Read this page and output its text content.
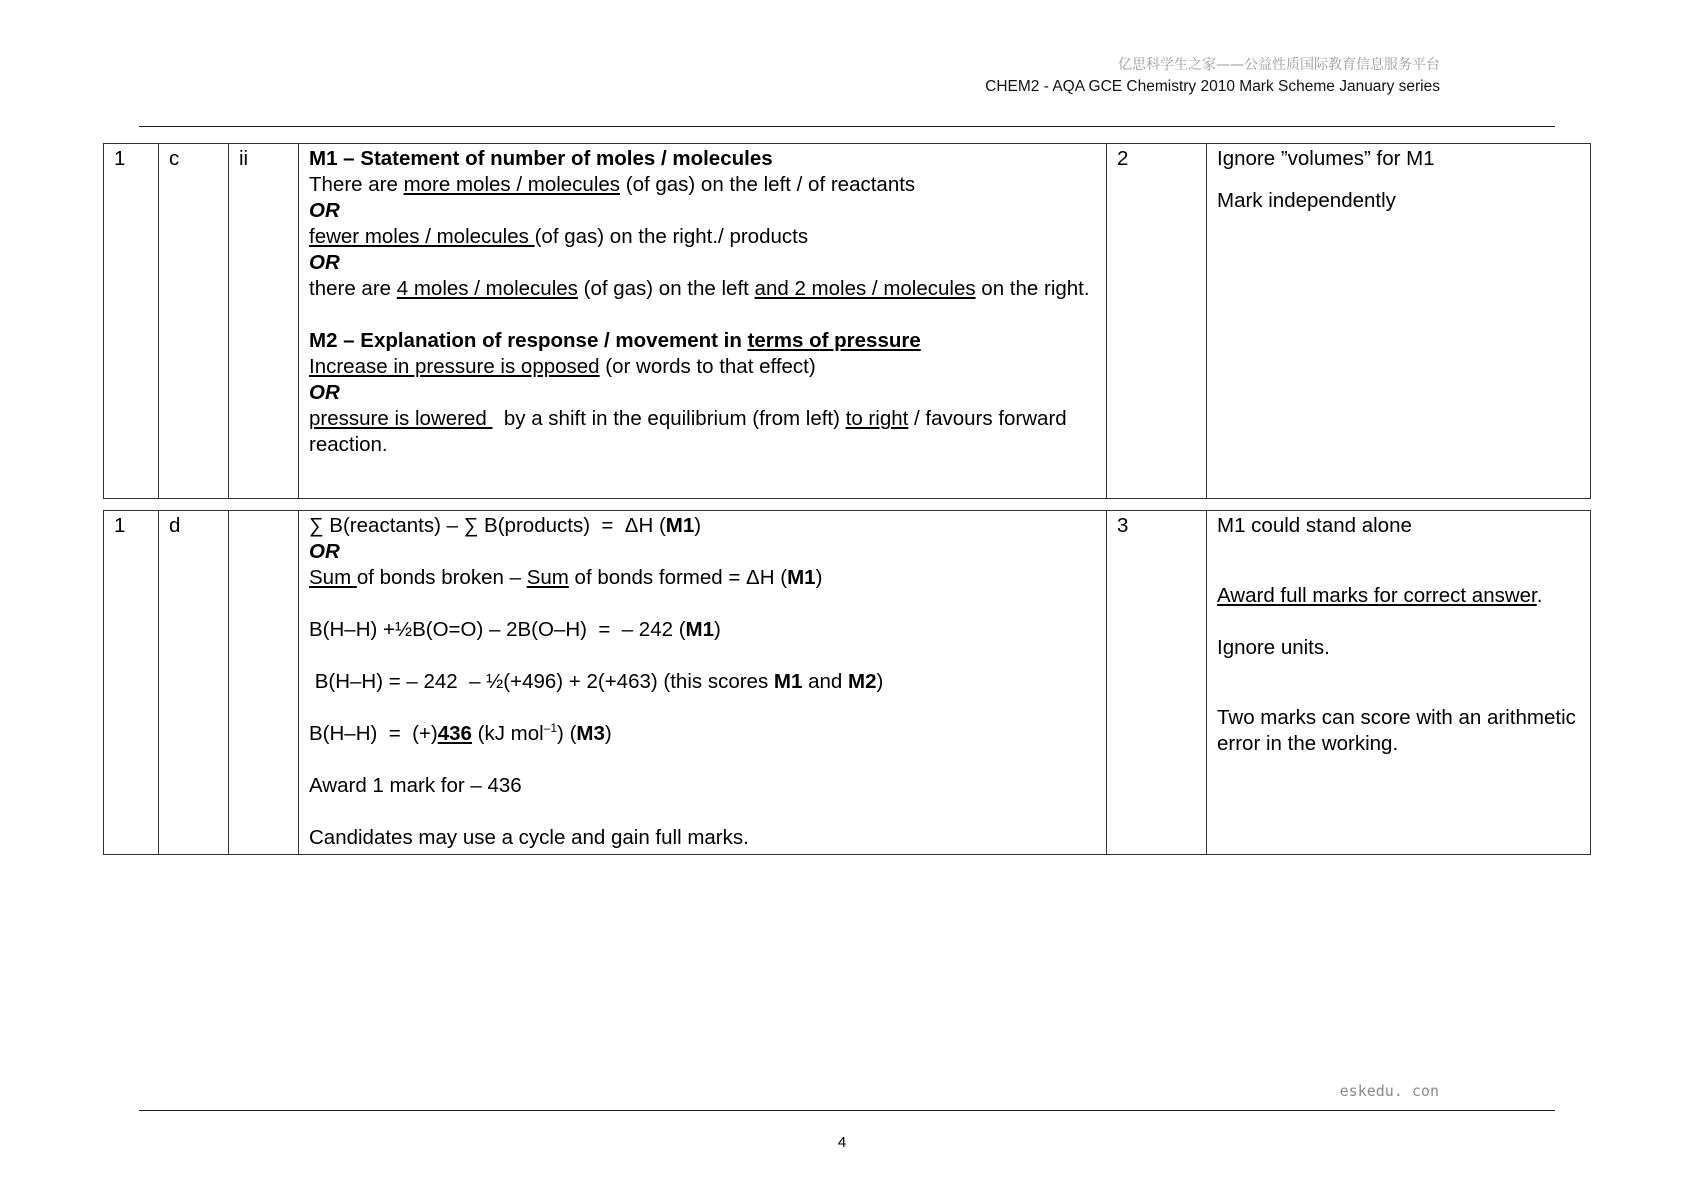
亿思科学生之家——公益性质国际教育信息服务平台
CHEM2 - AQA GCE Chemistry 2010 Mark Scheme January series
1	c	ii	M1 – Statement of number of moles / molecules
There are more moles / molecules (of gas) on the left / of reactants
OR
fewer moles / molecules (of gas) on the right./ products
OR
there are 4 moles / molecules (of gas) on the left and 2 moles / molecules on the right.
M2 – Explanation of response / movement in terms of pressure
Increase in pressure is opposed (or words to that effect)
OR
pressure is lowered   by a shift in the equilibrium (from left) to right / favours forward reaction.
	2	Ignore ”volumes” for M1
Mark independently
1	d		∑ B(reactants) – ∑ B(products)  =  ΔH (M1)
OR
Sum of bonds broken – Sum of bonds formed = ΔH (M1)
B(H–H) +½B(O=O) – 2B(O–H)  =  – 242 (M1)
B(H–H) = – 242  – ½(+496) + 2(+463) (this scores M1 and M2)
B(H–H)  =  (+)436 (kJ mol$^{-1}$) (M3)
Award 1 mark for – 436
Candidates may use a cycle and gain full marks.
	3	M1 could stand alone
Award full marks for correct answer.
Ignore units.
Two marks can score with an arithmetic error in the working.
eskedu. con
4
